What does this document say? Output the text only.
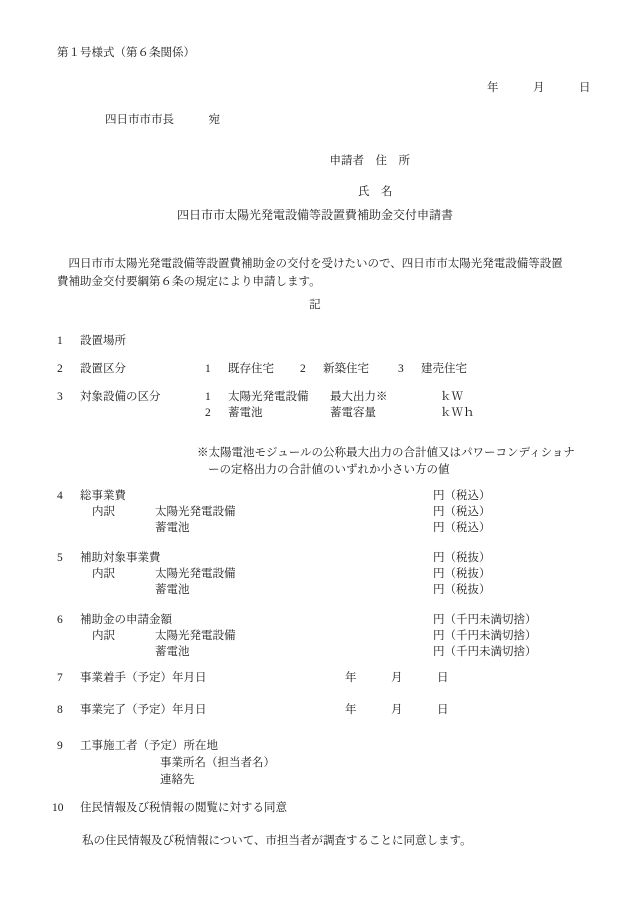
第１号様式（第６条関係）
年　　　月　　　日
四日市市市長　　　宛

申請者　住　所

氏　名

四日市市太陽光発電設備等設置費補助金交付申請書
　四日市市太陽光発電設備等設置費補助金の交付を受けたいので、四日市市太陽光発電設備等設置費補助金交付要綱第６条の規定により申請します。
記
1 設置場所
2 設置区分	1 既存住宅 2 新築住宅	3 建売住宅
3 対象設備の区分	1 太陽光発電設備 最大出力※	ｋＷ
2 蓄電池	蓄電容量	ｋＷｈ
※太陽電池モジュールの公称最大出力の合計値又はパワーコンディショナ
ーの定格出力の合計値のいずれか小さい方の値
4 総事業費	円（税込）
内訳	太陽光発電設備	円（税込）
蓄電池	円（税込）
5 補助対象事業費	円（税抜）
内訳	太陽光発電設備	円（税抜）
蓄電池	円（税抜）
6 補助金の申請金額	円（千円未満切捨）
内訳	太陽光発電設備	円（千円未満切捨）
蓄電池	円（千円未満切捨）
7 事業着手（予定）年月日	年	月	日
8 事業完了（予定）年月日	年	月	日
9 工事施工者（予定）所在地
事業所名（担当者名）
連絡先
10 住民情報及び税情報の閲覧に対する同意
私の住民情報及び税情報について、市担当者が調査することに同意します。
